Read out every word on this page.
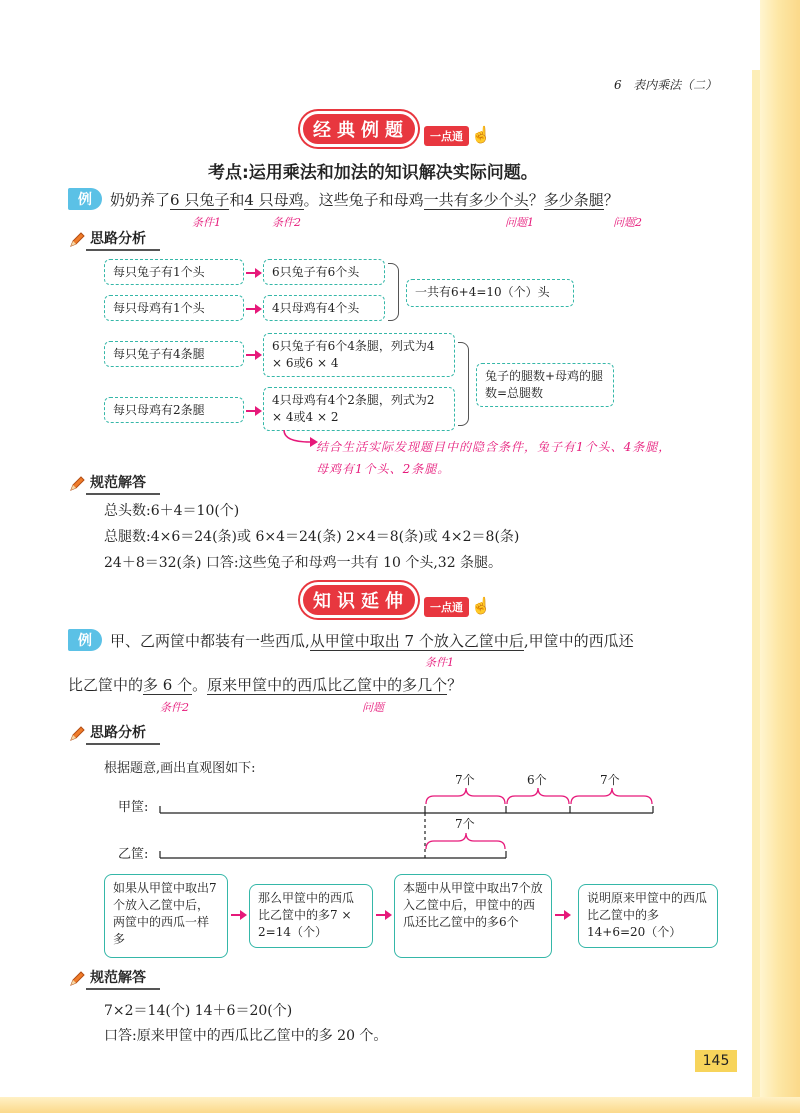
6 表内乘法（二）
经 典 例 题	一点通 ☝
考点:运用乘法和加法的知识解决实际问题。
例	奶奶养了6 只兔子和4 只母鸡。这些兔子和母鸡一共有多少个头？多少条腿？
条件1	条件2	问题1	问题2
思路分析
每只兔子有1个头
每只母鸡有1个头
6只兔子有6个头
4只母鸡有4个头
一共有6+4=10（个）头
每只兔子有4条腿
每只母鸡有2条腿
6只兔子有6个4条腿，列式为4 × 6或6 × 4
4只母鸡有4个2条腿，列式为2 × 4或4 × 2
兔子的腿数+母鸡的腿数=总腿数
结合生活实际发现题目中的隐含条件，兔子有1个头、4条腿，母鸡有1个头、2条腿。
规范解答
总头数:6＋4＝10(个)
总腿数:4×6＝24(条)或 6×4＝24(条) 2×4＝8(条)或 4×2＝8(条)
24＋8＝32(条) 口答:这些兔子和母鸡一共有 10 个头,32 条腿。
知 识 延 伸	一点通 ☝
例	甲、乙两筐中都装有一些西瓜,从甲筐中取出 7 个放入乙筐中后,甲筐中的西瓜还
条件1
比乙筐中的多 6 个。原来甲筐中的西瓜比乙筐中的多几个？
条件2	问题
思路分析
根据题意,画出直观图如下:
甲筐:
乙筐:
7个	6个	7个
7个
如果从甲筐中取出7个放入乙筐中后，两筐中的西瓜一样多
那么甲筐中的西瓜比乙筐中的多7 × 2=14（个）
本题中从甲筐中取出7个放入乙筐中后，甲筐中的西瓜还比乙筐中的多6个
说明原来甲筐中的西瓜比乙筐中的多14+6=20（个）
规范解答
7×2＝14(个) 14＋6＝20(个)
口答:原来甲筐中的西瓜比乙筐中的多 20 个。
145
